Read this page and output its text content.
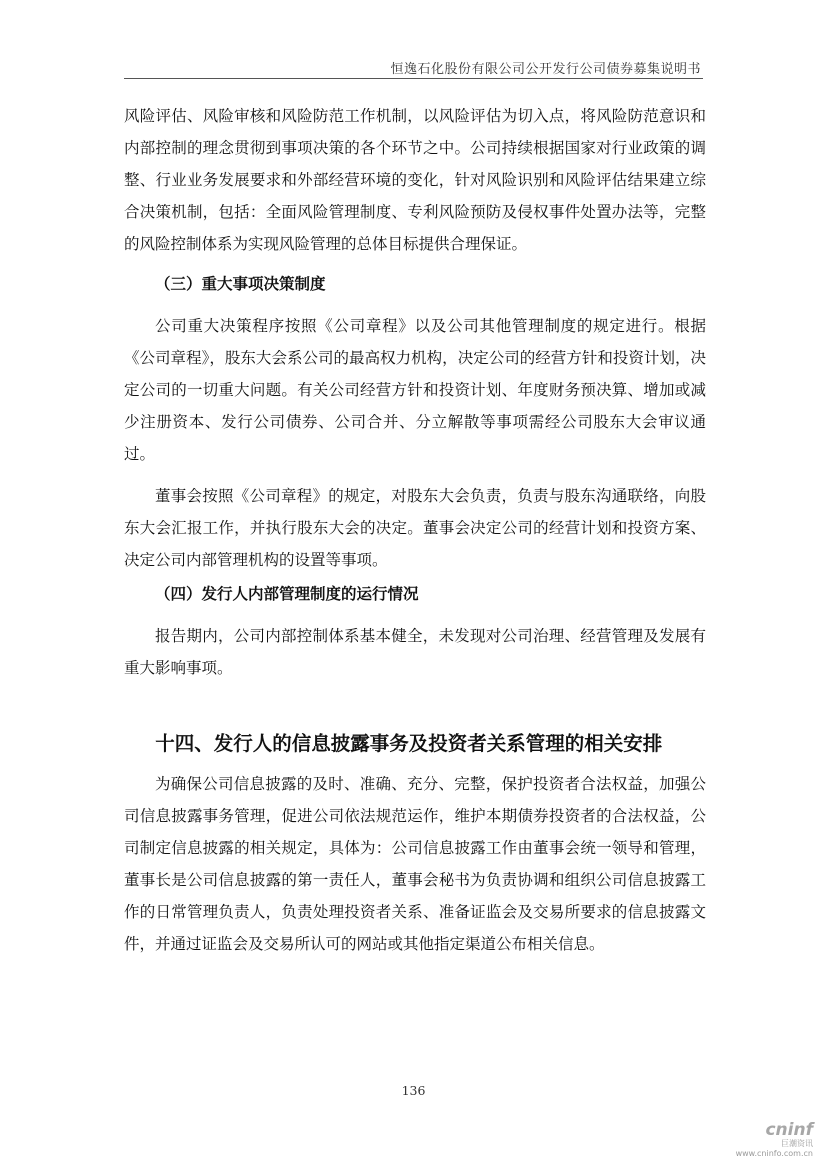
恒逸石化股份有限公司公开发行公司债券募集说明书

风险评估、风险审核和风险防范工作机制，以风险评估为切入点，将风险防范意识和内部控制的理念贯彻到事项决策的各个环节之中。公司持续根据国家对行业政策的调整、行业业务发展要求和外部经营环境的变化，针对风险识别和风险评估结果建立综合决策机制，包括：全面风险管理制度、专利风险预防及侵权事件处置办法等，完整的风险控制体系为实现风险管理的总体目标提供合理保证。

（三）重大事项决策制度

公司重大决策程序按照《公司章程》以及公司其他管理制度的规定进行。根据《公司章程》，股东大会系公司的最高权力机构，决定公司的经营方针和投资计划，决定公司的一切重大问题。有关公司经营方针和投资计划、年度财务预决算、增加或减少注册资本、发行公司债券、公司合并、分立解散等事项需经公司股东大会审议通过。

董事会按照《公司章程》的规定，对股东大会负责，负责与股东沟通联络，向股东大会汇报工作，并执行股东大会的决定。董事会决定公司的经营计划和投资方案、决定公司内部管理机构的设置等事项。

（四）发行人内部管理制度的运行情况

报告期内，公司内部控制体系基本健全，未发现对公司治理、经营管理及发展有重大影响事项。

十四、发行人的信息披露事务及投资者关系管理的相关安排

为确保公司信息披露的及时、准确、充分、完整，保护投资者合法权益，加强公司信息披露事务管理，促进公司依法规范运作，维护本期债券投资者的合法权益，公司制定信息披露的相关规定，具体为：公司信息披露工作由董事会统一领导和管理，董事长是公司信息披露的第一责任人，董事会秘书为负责协调和组织公司信息披露工作的日常管理负责人，负责处理投资者关系、准备证监会及交易所要求的信息披露文件，并通过证监会及交易所认可的网站或其他指定渠道公布相关信息。

136
cninf
巨潮资讯
www.cninfo.com.cn
